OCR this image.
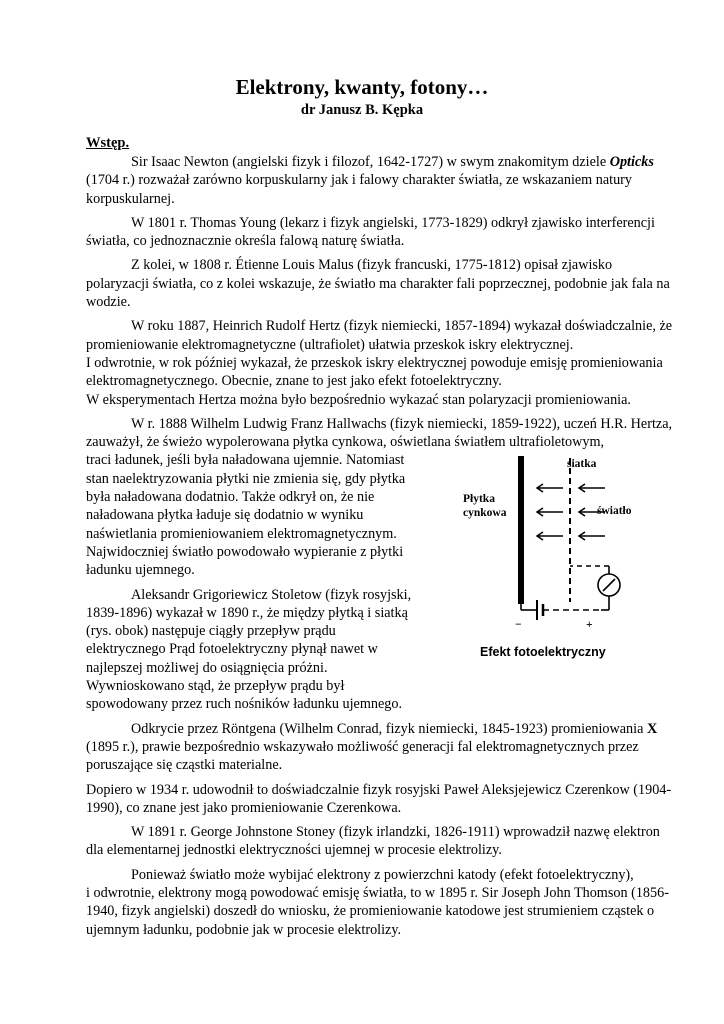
Elektrony, kwanty, fotony…
dr Janusz B. Kępka
Wstęp.

Sir Isaac Newton (angielski fizyk i filozof, 1642-1727) w swym znakomitym dziele Opticks (1704 r.) rozważał zarówno korpuskularny jak i falowy charakter światła, ze wskazaniem natury korpuskularnej.

W 1801 r. Thomas Young (lekarz i fizyk angielski, 1773-1829) odkrył zjawisko interferencji światła, co jednoznacznie określa falową naturę światła.

Z kolei, w 1808 r. Étienne Louis Malus (fizyk francuski, 1775-1812) opisał zjawisko polaryzacji światła, co z kolei wskazuje, że światło ma charakter fali poprzecznej, podobnie jak fala na wodzie.

W roku 1887, Heinrich Rudolf Hertz (fizyk niemiecki, 1857-1894) wykazał doświadczalnie, że promieniowanie elektromagnetyczne (ultrafiolet) ułatwia przeskok iskry elektrycznej.

I odwrotnie, w rok później wykazał, że przeskok iskry elektrycznej powoduje emisję promieniowania elektromagnetycznego. Obecnie, znane to jest jako efekt fotoelektryczny.

W eksperymentach Hertza można było bezpośrednio wykazać stan polaryzacji promieniowania.

W r. 1888 Wilhelm Ludwig Franz Hallwachs (fizyk niemiecki, 1859-1922), uczeń H.R. Hertza, zauważył, że świeżo wypolerowana płytka cynkowa, oświetlana światłem ultrafioletowym,

traci ładunek, jeśli była naładowana ujemnie. Natomiast stan naelektryzowania płytki nie zmienia się, gdy płytka była naładowana dodatnio. Także odkrył on, że nie naładowana płytka ładuje się dodatnio w wyniku naświetlania promieniowaniem elektromagnetycznym. Najwidoczniej światło powodowało wypieranie z płytki ładunku ujemnego.

Aleksandr Grigoriewicz Stoletow (fizyk rosyjski, 1839-1896) wykazał w 1890 r., że między płytką i siatką (rys. obok) następuje ciągły przepływ prądu elektrycznego Prąd fotoelektryczny płynął nawet w najlepszej możliwej do osiągnięcia próżni. Wywnioskowano stąd, że przepływ prądu był spowodowany przez ruch nośników ładunku ujemnego.

Odkrycie przez Röntgena (Wilhelm Conrad, fizyk niemiecki, 1845-1923) promieniowania X (1895 r.), prawie bezpośrednio wskazywało możliwość generacji fal elektromagnetycznych przez poruszające się cząstki materialne.

Dopiero w 1934 r. udowodnił to doświadczalnie fizyk rosyjski Paweł Aleksjejewicz Czerenkow (1904-1990), co znane jest jako promieniowanie Czerenkowa.

W 1891 r. George Johnstone Stoney (fizyk irlandzki, 1826-1911) wprowadził nazwę elektron dla elementarnej jednostki elektryczności ujemnej w procesie elektrolizy.

Ponieważ światło może wybijać elektrony z powierzchni katody (efekt fotoelektryczny),

i odwrotnie, elektrony mogą powodować emisję światła, to w 1895 r. Sir Joseph John Thomson (1856-1940, fizyk angielski) doszedł do wniosku, że promieniowanie katodowe jest strumieniem cząstek o ujemnym ładunku, podobnie jak w procesie elektrolizy.

siatka
Płytka
cynkowa	światło
−	+
Efekt fotoelektryczny
